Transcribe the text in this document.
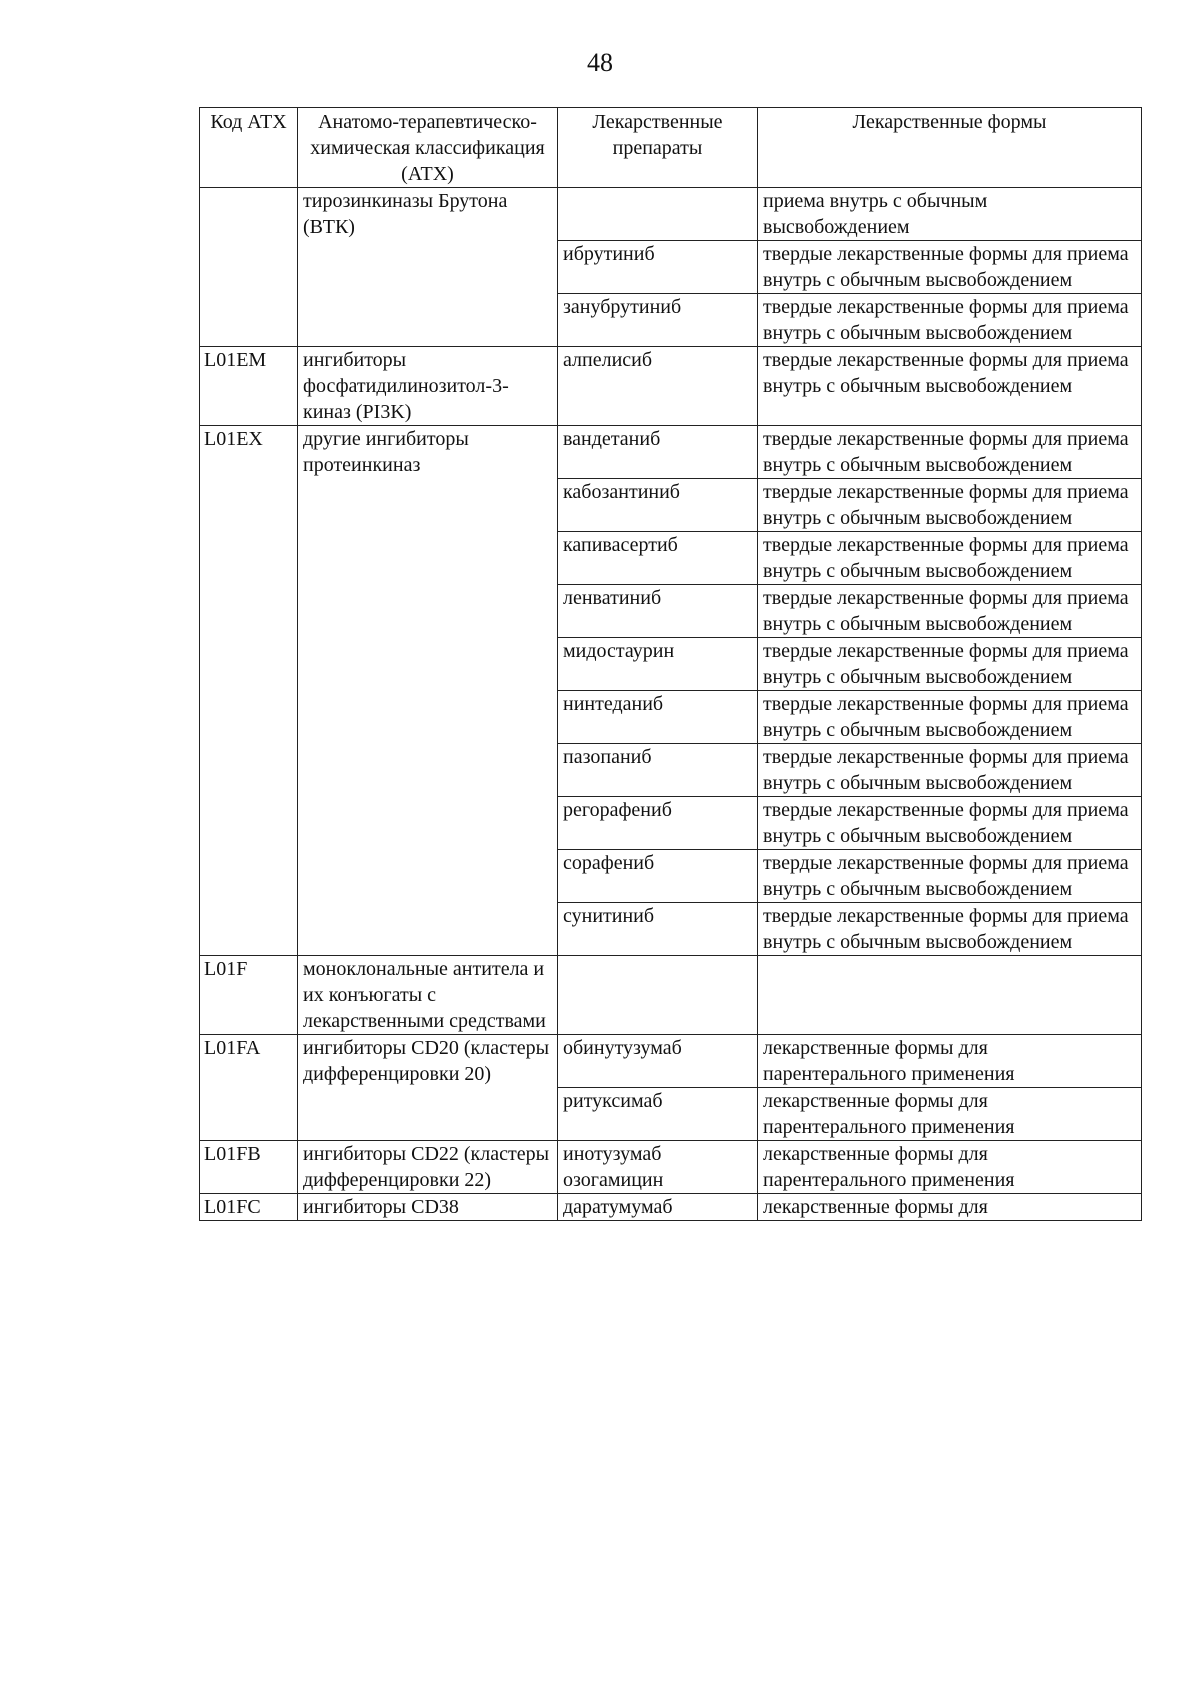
48
Код АТХ	Анатомо-терапевтическо-химическая классификация (АТХ)	Лекарственные препараты	Лекарственные формы
	тирозинкиназы Брутона (ВТК)		приема внутрь с обычным высвобождением
		ибрутиниб	твердые лекарственные формы для приема внутрь с обычным высвобождением
		занубрутиниб	твердые лекарственные формы для приема внутрь с обычным высвобождением
L01EM	ингибиторы фосфатидилинозитол-3-киназ (PI3K)	алпелисиб	твердые лекарственные формы для приема внутрь с обычным высвобождением
L01EX	другие ингибиторы протеинкиназ	вандетаниб	твердые лекарственные формы для приема внутрь с обычным высвобождением
		кабозантиниб	твердые лекарственные формы для приема внутрь с обычным высвобождением
		капивасертиб	твердые лекарственные формы для приема внутрь с обычным высвобождением
		ленватиниб	твердые лекарственные формы для приема внутрь с обычным высвобождением
		мидостаурин	твердые лекарственные формы для приема внутрь с обычным высвобождением
		нинтеданиб	твердые лекарственные формы для приема внутрь с обычным высвобождением
		пазопаниб	твердые лекарственные формы для приема внутрь с обычным высвобождением
		регорафениб	твердые лекарственные формы для приема внутрь с обычным высвобождением
		сорафениб	твердые лекарственные формы для приема внутрь с обычным высвобождением
		сунитиниб	твердые лекарственные формы для приема внутрь с обычным высвобождением
L01F	моноклональные антитела и их конъюгаты с лекарственными средствами		
L01FA	ингибиторы CD20 (кластеры дифференцировки 20)	обинутузумаб	лекарственные формы для парентерального применения
		ритуксимаб	лекарственные формы для парентерального применения
L01FB	ингибиторы CD22 (кластеры дифференцировки 22)	инотузумаб озогамицин	лекарственные формы для парентерального применения
L01FC	ингибиторы CD38	даратумумаб	лекарственные формы для
